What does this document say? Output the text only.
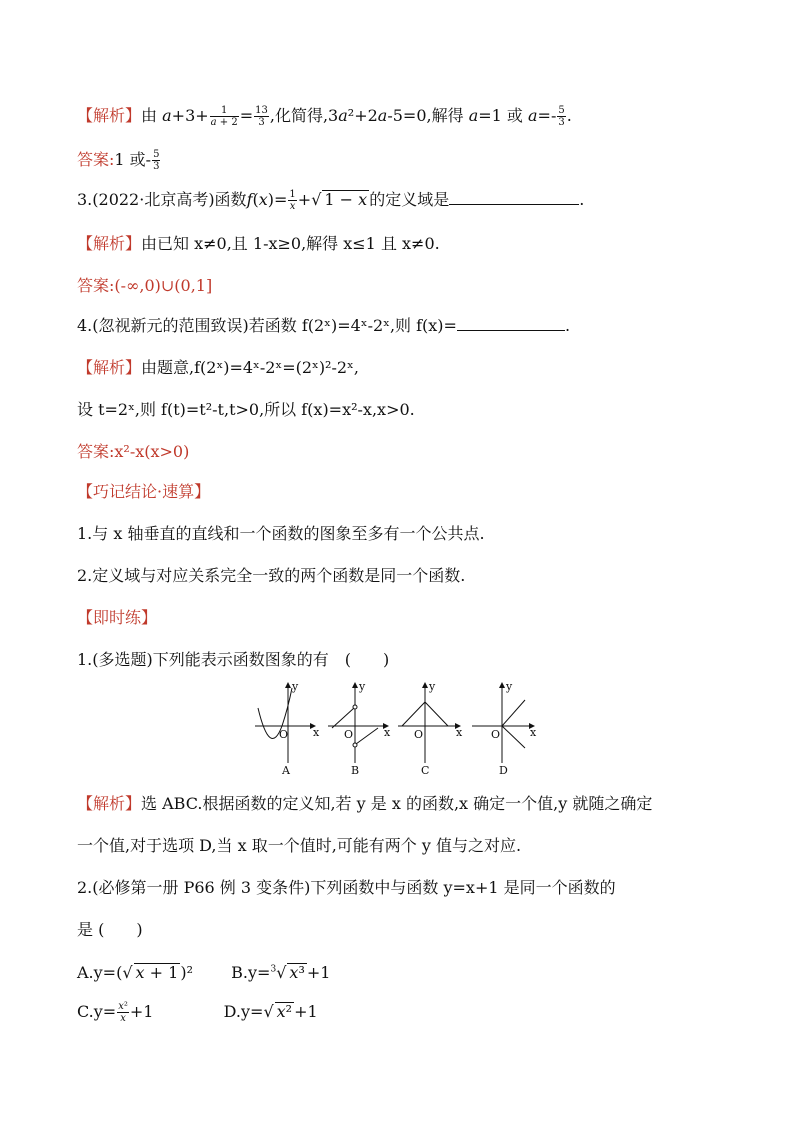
【解析】由 $a+3+ \frac{1}{a + 2} = \frac{13}{3}$ ,化简得,3a²+2a-5=0,解得 a=1 或 $a=- \frac{5}{3}$ .
答案:1 或- $\frac{5}{3}$
3.(2022·北京高考)函数$f(x)= \frac{1}{x}$ +√ 1 − x 的定义域是	.
【解析】由已知 x≠0,且 1-x≥0,解得 x≤1 且 x≠0.
答案:(-∞,0)∪(0,1]
4.(忽视新元的范围致误)若函数 f(2ˣ)=4ˣ-2ˣ,则 f(x)=	.
【解析】由题意,f(2ˣ)=4ˣ-2ˣ=(2ˣ)²-2ˣ,
设 t=2ˣ,则 f(t)=t²-t,t>0,所以 f(x)=x²-x,x>0.
答案:x²-x(x>0)
【巧记结论·速算】
1.与 x 轴垂直的直线和一个函数的图象至多有一个公共点.
2.定义域与对应关系完全一致的两个函数是同一个函数.
【即时练】
1.(多选题)下列能表示函数图象的有　(　　)
x
y
O
A
x
y
O
B
x
y
O
C
x
y
O
D
【解析】选 ABC.根据函数的定义知,若 y 是 x 的函数,x 确定一个值,y 就随之确定
一个值,对于选项 D,当 x 取一个值时,可能有两个 y 值与之对应.
2.(必修第一册 P66 例 3 变条件)下列函数中与函数 y=x+1 是同一个函数的
是 (　　)
A.y=(√ x + 1 )² B.y=$^3$√ x³ +1
$C.y= \frac{\text{x²}}{x} +1$	D.y=√ x² +1
